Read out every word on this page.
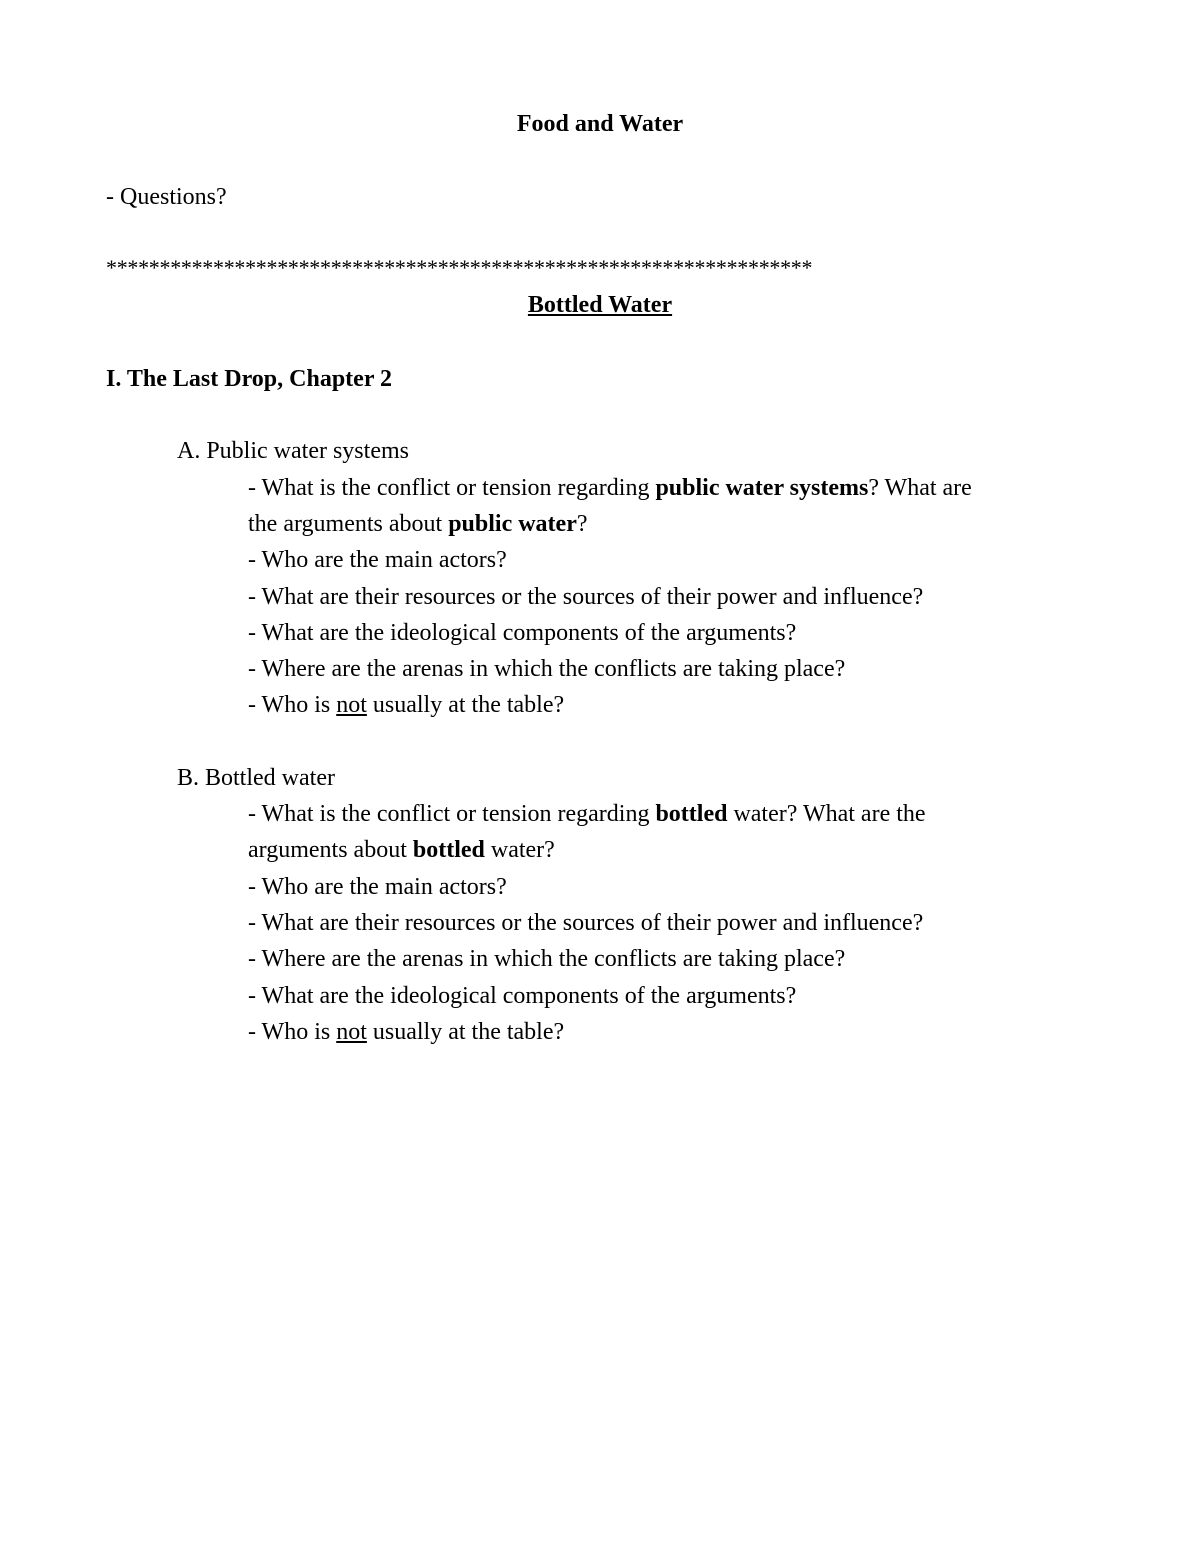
Food and Water
- Questions?
******************************************************************
Bottled Water
I. The Last Drop, Chapter 2
A. Public water systems
- What is the conflict or tension regarding public water systems? What are
the arguments about public water?
- Who are the main actors?
- What are their resources or the sources of their power and influence?
- What are the ideological components of the arguments?
- Where are the arenas in which the conflicts are taking place?
- Who is not usually at the table?
B. Bottled water
- What is the conflict or tension regarding bottled water? What are the
arguments about bottled water?
- Who are the main actors?
- What are their resources or the sources of their power and influence?
- Where are the arenas in which the conflicts are taking place?
- What are the ideological components of the arguments?
- Who is not usually at the table?
